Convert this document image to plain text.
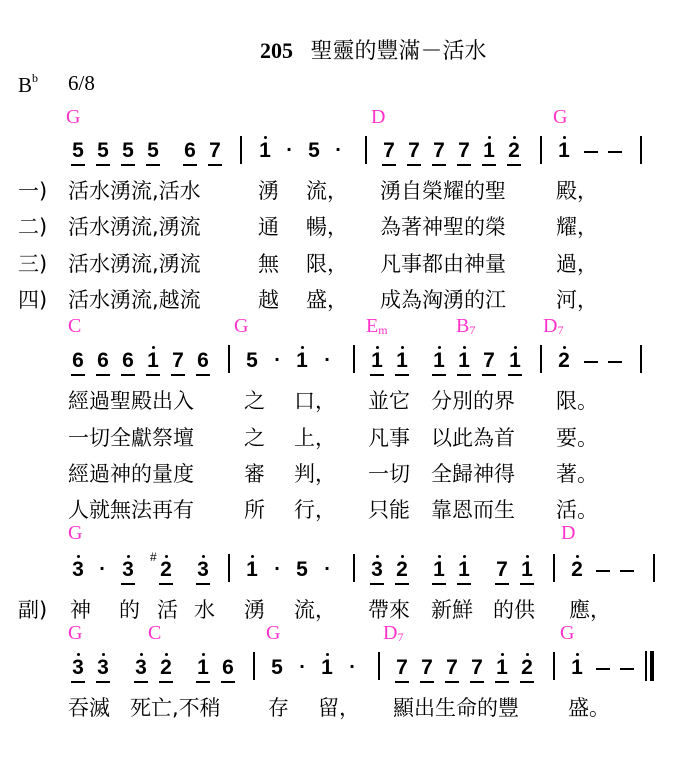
205 聖靈的豐滿－活水
$B^b$ 6/8
G	D	G
5 5 5 5 6 7 1 · 5 · 7 7 7 7 1 2 1
一) 活水湧流,活水	湧 流， 湧自榮耀的聖 殿，
二) 活水湧流,湧流	通 暢， 為著神聖的榮 耀，
三) 活水湧流,湧流	無 限， 凡事都由神量 過，
四) 活水湧流,越流	越 盛， 成為洶湧的江 河，
C	G	$E_m$	$B_7$	$D_7$
6 6 6 1 7 6 5 · 1 · 1 1 1 1 7 1 2
經過聖殿出入 之 口， 並它 分別的界 限。
一切全獻祭壇 之 上， 凡事 以此為首 要。
經過神的量度 審 判， 一切 全歸神得 著。
人就無法再有 所 行， 只能 靠恩而生 活。
G	D
3 · 3
#
2 3 1 · 5 · 3 2 1 1 7 1 2
副) 神 的 活 水 湧 流， 帶來 新鮮 的供 應，
G	C	G	$D_7$	G
3 3 3 2 1 6 5 · 1 · 7 7 7 7 1 2 1
吞滅 死亡,不稍 存 留， 顯出生命的豐 盛。
